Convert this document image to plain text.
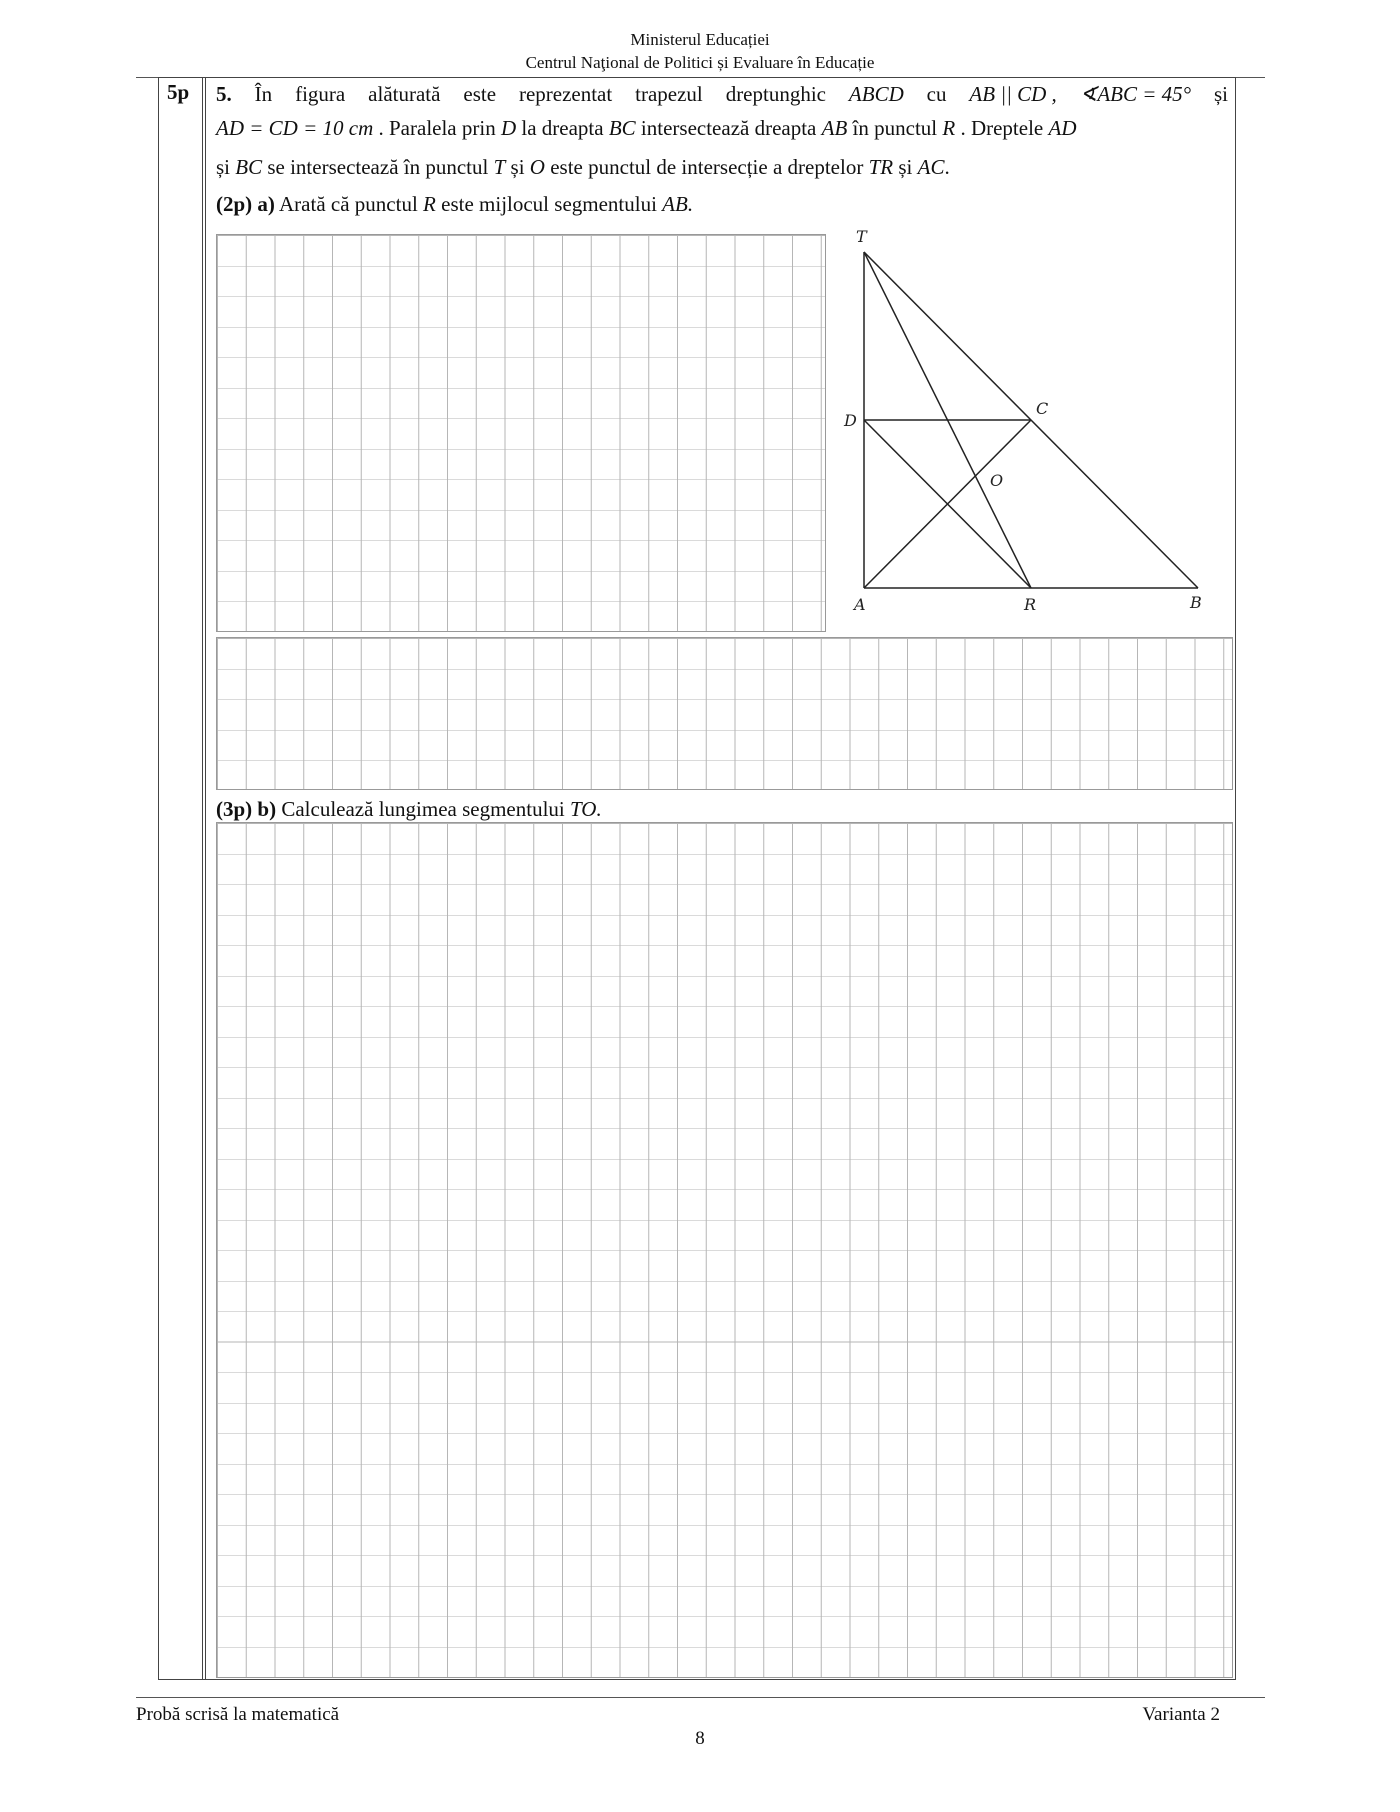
Ministerul Educației
Centrul Naţional de Politici și Evaluare în Educație
5p 5. În figura alăturată este reprezentat trapezul dreptunghic ABCD cu AB || CD , ∢ABC = 45° și
AD = CD = 10 cm . Paralela prin D la dreapta BC intersectează dreapta AB în punctul R . Dreptele AD
și BC se intersectează în punctul T și O este punctul de intersecție a dreptelor TR și AC.
(2p) a) Arată că punctul R este mijlocul segmentului AB.
T
D
C
O
A	R	B
(3p) b) Calculează lungimea segmentului TO.
Probă scrisă la matematică	Varianta 2
8
